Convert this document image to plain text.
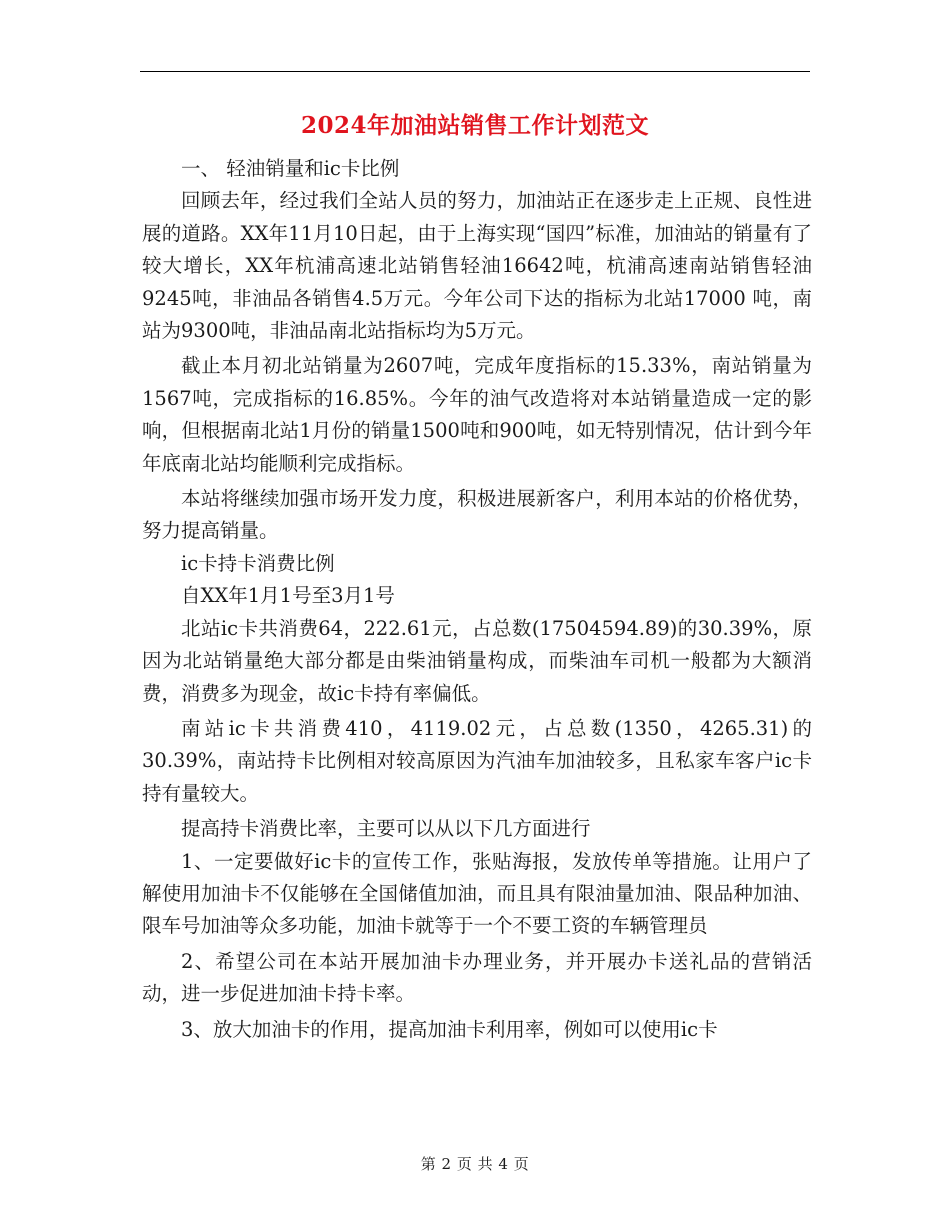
2024年加油站销售工作计划范文

一、 轻油销量和ic卡比例

回顾去年，经过我们全站人员的努力，加油站正在逐步走上正规、良性进展的道路。XX年11月10日起，由于上海实现“国四”标准，加油站的销量有了较大增长，XX年杭浦高速北站销售轻油16642吨，杭浦高速南站销售轻油9245吨，非油品各销售4.5万元。今年公司下达的指标为北站17000 吨，南站为9300吨，非油品南北站指标均为5万元。

截止本月初北站销量为2607吨，完成年度指标的15.33%，南站销量为1567吨，完成指标的16.85%。今年的油气改造将对本站销量造成一定的影响，但根据南北站1月份的销量1500吨和900吨，如无特别情况，估计到今年年底南北站均能顺利完成指标。

本站将继续加强市场开发力度，积极进展新客户，利用本站的价格优势，努力提高销量。

ic卡持卡消费比例

自XX年1月1号至3月1号

北站ic卡共消费64，222.61元，占总数(17504594.89)的30.39%，原因为北站销量绝大部分都是由柴油销量构成，而柴油车司机一般都为大额消费，消费多为现金，故ic卡持有率偏低。

南站ic卡共消费410，4119.02元，占总数(1350，4265.31)的30.39%，南站持卡比例相对较高原因为汽油车加油较多，且私家车客户ic卡持有量较大。

提高持卡消费比率，主要可以从以下几方面进行

1、一定要做好ic卡的宣传工作，张贴海报，发放传单等措施。让用户了解使用加油卡不仅能够在全国储值加油，而且具有限油量加油、限品种加油、限车号加油等众多功能，加油卡就等于一个不要工资的车辆管理员

2、希望公司在本站开展加油卡办理业务，并开展办卡送礼品的营销活动，进一步促进加油卡持卡率。

3、放大加油卡的作用，提高加油卡利用率，例如可以使用ic卡

第 2 页 共 4 页
